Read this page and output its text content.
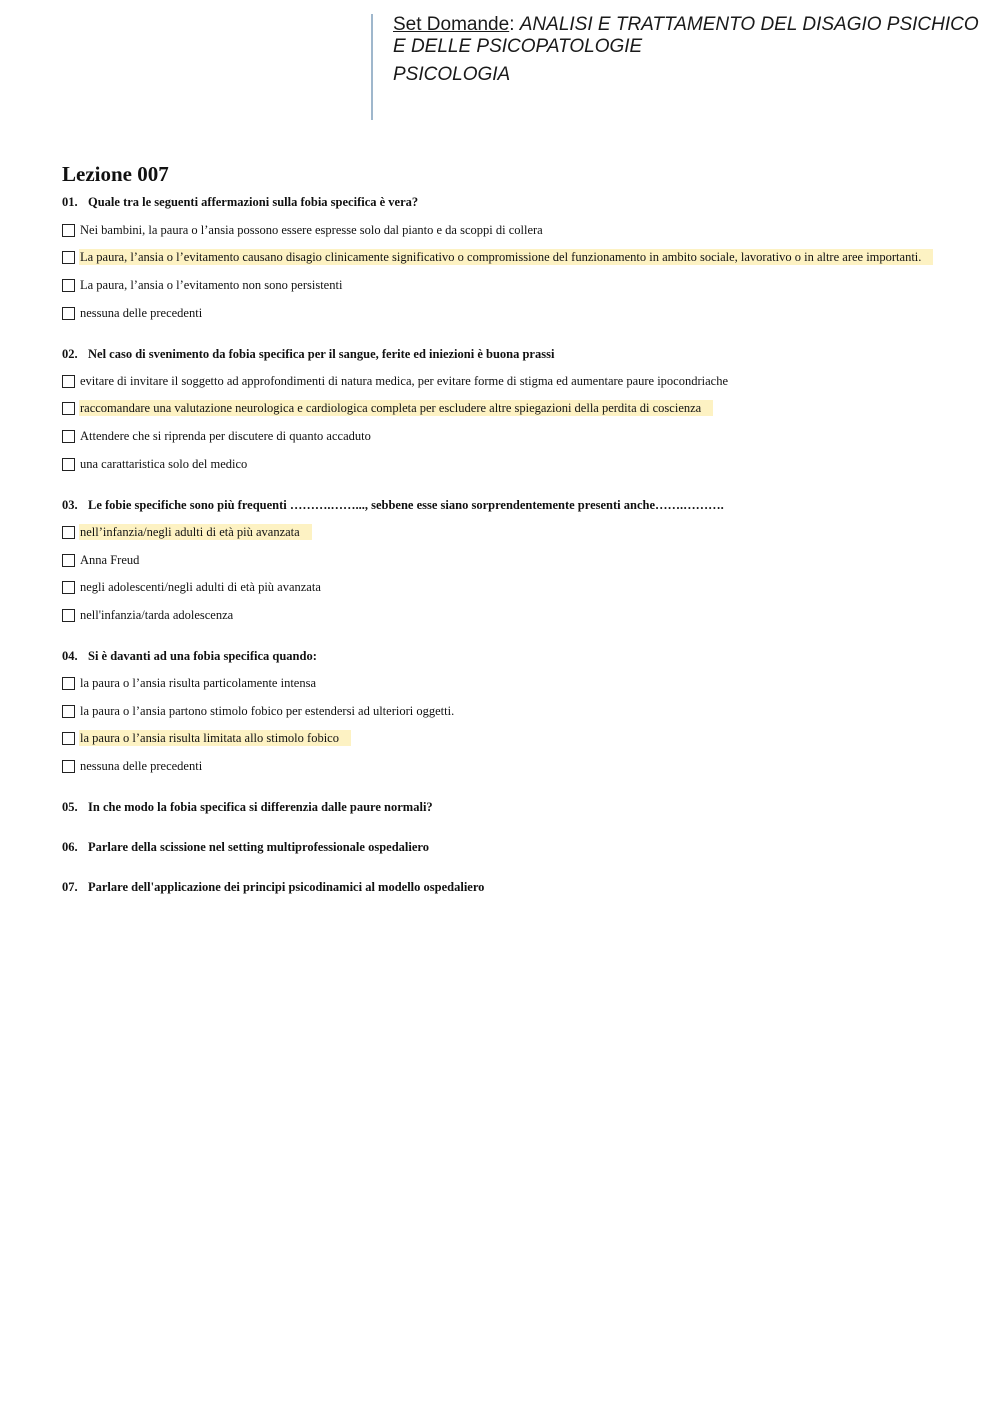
Set Domande: ANALISI E TRATTAMENTO DEL DISAGIO PSICHICO E DELLE PSICOPATOLOGIE
PSICOLOGIA
Lezione 007
01. Quale tra le seguenti affermazioni sulla fobia specifica è vera?
Nei bambini, la paura o l’ansia possono essere espresse solo dal pianto e da scoppi di collera
La paura, l’ansia o l’evitamento causano disagio clinicamente significativo o compromissione del funzionamento in ambito sociale, lavorativo o in altre aree importanti.
La paura, l’ansia o l’evitamento non sono persistenti
nessuna delle precedenti
02. Nel caso di svenimento da fobia specifica per il sangue, ferite ed iniezioni è buona prassi
evitare di invitare il soggetto ad approfondimenti di natura medica, per evitare forme di stigma ed aumentare paure ipocondriache
raccomandare una valutazione neurologica e cardiologica completa per escludere altre spiegazioni della perdita di coscienza
Attendere che si riprenda per discutere di quanto accaduto
una carattaristica solo del medico
03. Le fobie specifiche sono più frequenti ……….……..., sebbene esse siano sorprendentemente presenti anche…….……….
nell’infanzia/negli adulti di età più avanzata
Anna Freud
negli adolescenti/negli adulti di età più avanzata
nell'infanzia/tarda adolescenza
04. Si è davanti ad una fobia specifica quando:
la paura o l’ansia risulta particolamente intensa
la paura o l’ansia partono stimolo fobico per estendersi ad ulteriori oggetti.
la paura o l’ansia risulta limitata allo stimolo fobico
nessuna delle precedenti
05. In che modo la fobia specifica si differenzia dalle paure normali?
06. Parlare della scissione nel setting multiprofessionale ospedaliero
07. Parlare dell'applicazione dei principi psicodinamici al modello ospedaliero
